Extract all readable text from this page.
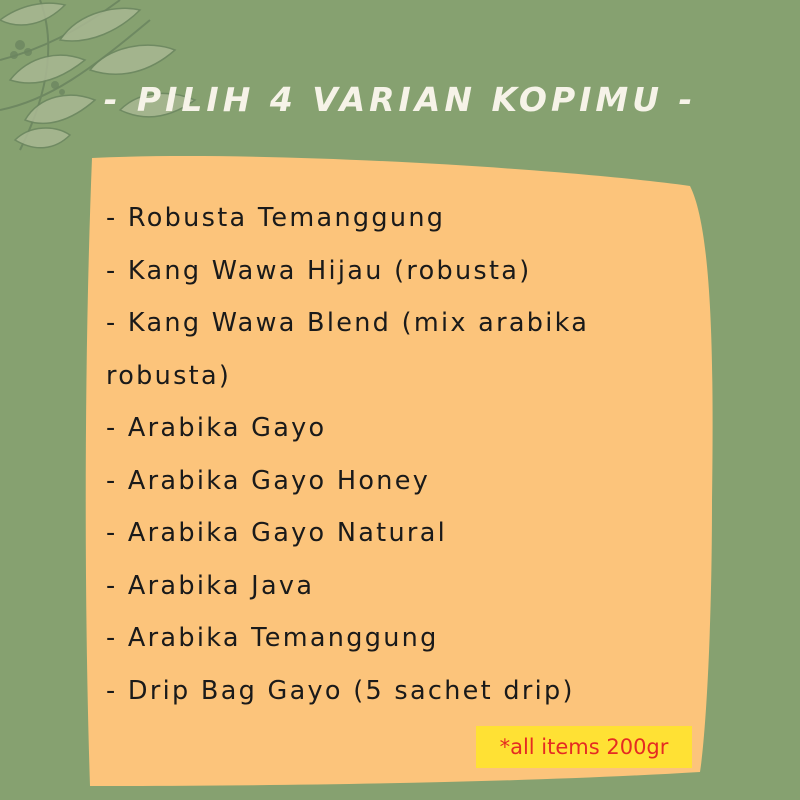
- PILIH 4 VARIAN KOPIMU -
- Robusta Temanggung
- Kang Wawa Hijau (robusta)
- Kang Wawa Blend (mix arabika robusta)
- Arabika Gayo
- Arabika Gayo Honey
- Arabika Gayo Natural
- Arabika Java
- Arabika Temanggung
- Drip Bag Gayo (5 sachet drip)
*all items 200gr
